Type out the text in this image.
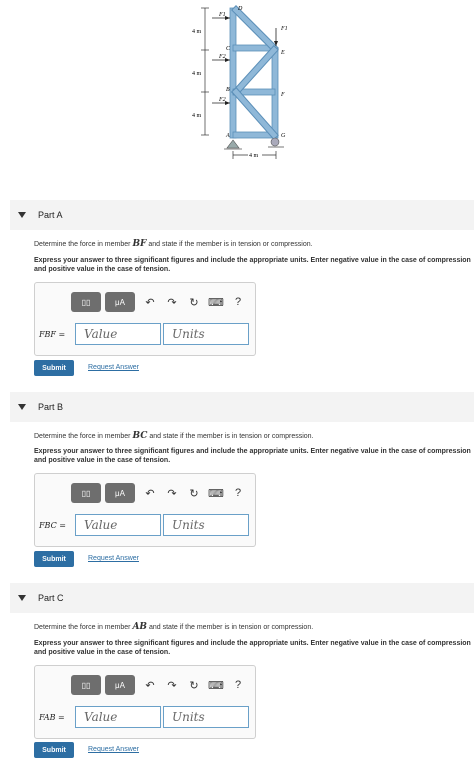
4 m
4 m
4 m
F1
F2
F2
F1
D
C
E
B
F
A	G
4 m
Part A
Determine the force in member BF and state if the member is in tension or compression.
Express your answer to three significant figures and include the appropriate units. Enter negative value in the case of compression and positive value in the case of tension.
▯▯	μA	↶	↷	↻ ⌨	?
FBF =	Value	Units
Submit	Request Answer
Part B
Determine the force in member BC and state if the member is in tension or compression.
Express your answer to three significant figures and include the appropriate units. Enter negative value in the case of compression and positive value in the case of tension.
▯▯	μA	↶	↷	↻ ⌨	?
FBC =	Value	Units
Submit	Request Answer
Part C
Determine the force in member AB and state if the member is in tension or compression.
Express your answer to three significant figures and include the appropriate units. Enter negative value in the case of compression and positive value in the case of tension.
▯▯	μA	↶	↷	↻ ⌨	?
FAB =	Value	Units
Submit	Request Answer
